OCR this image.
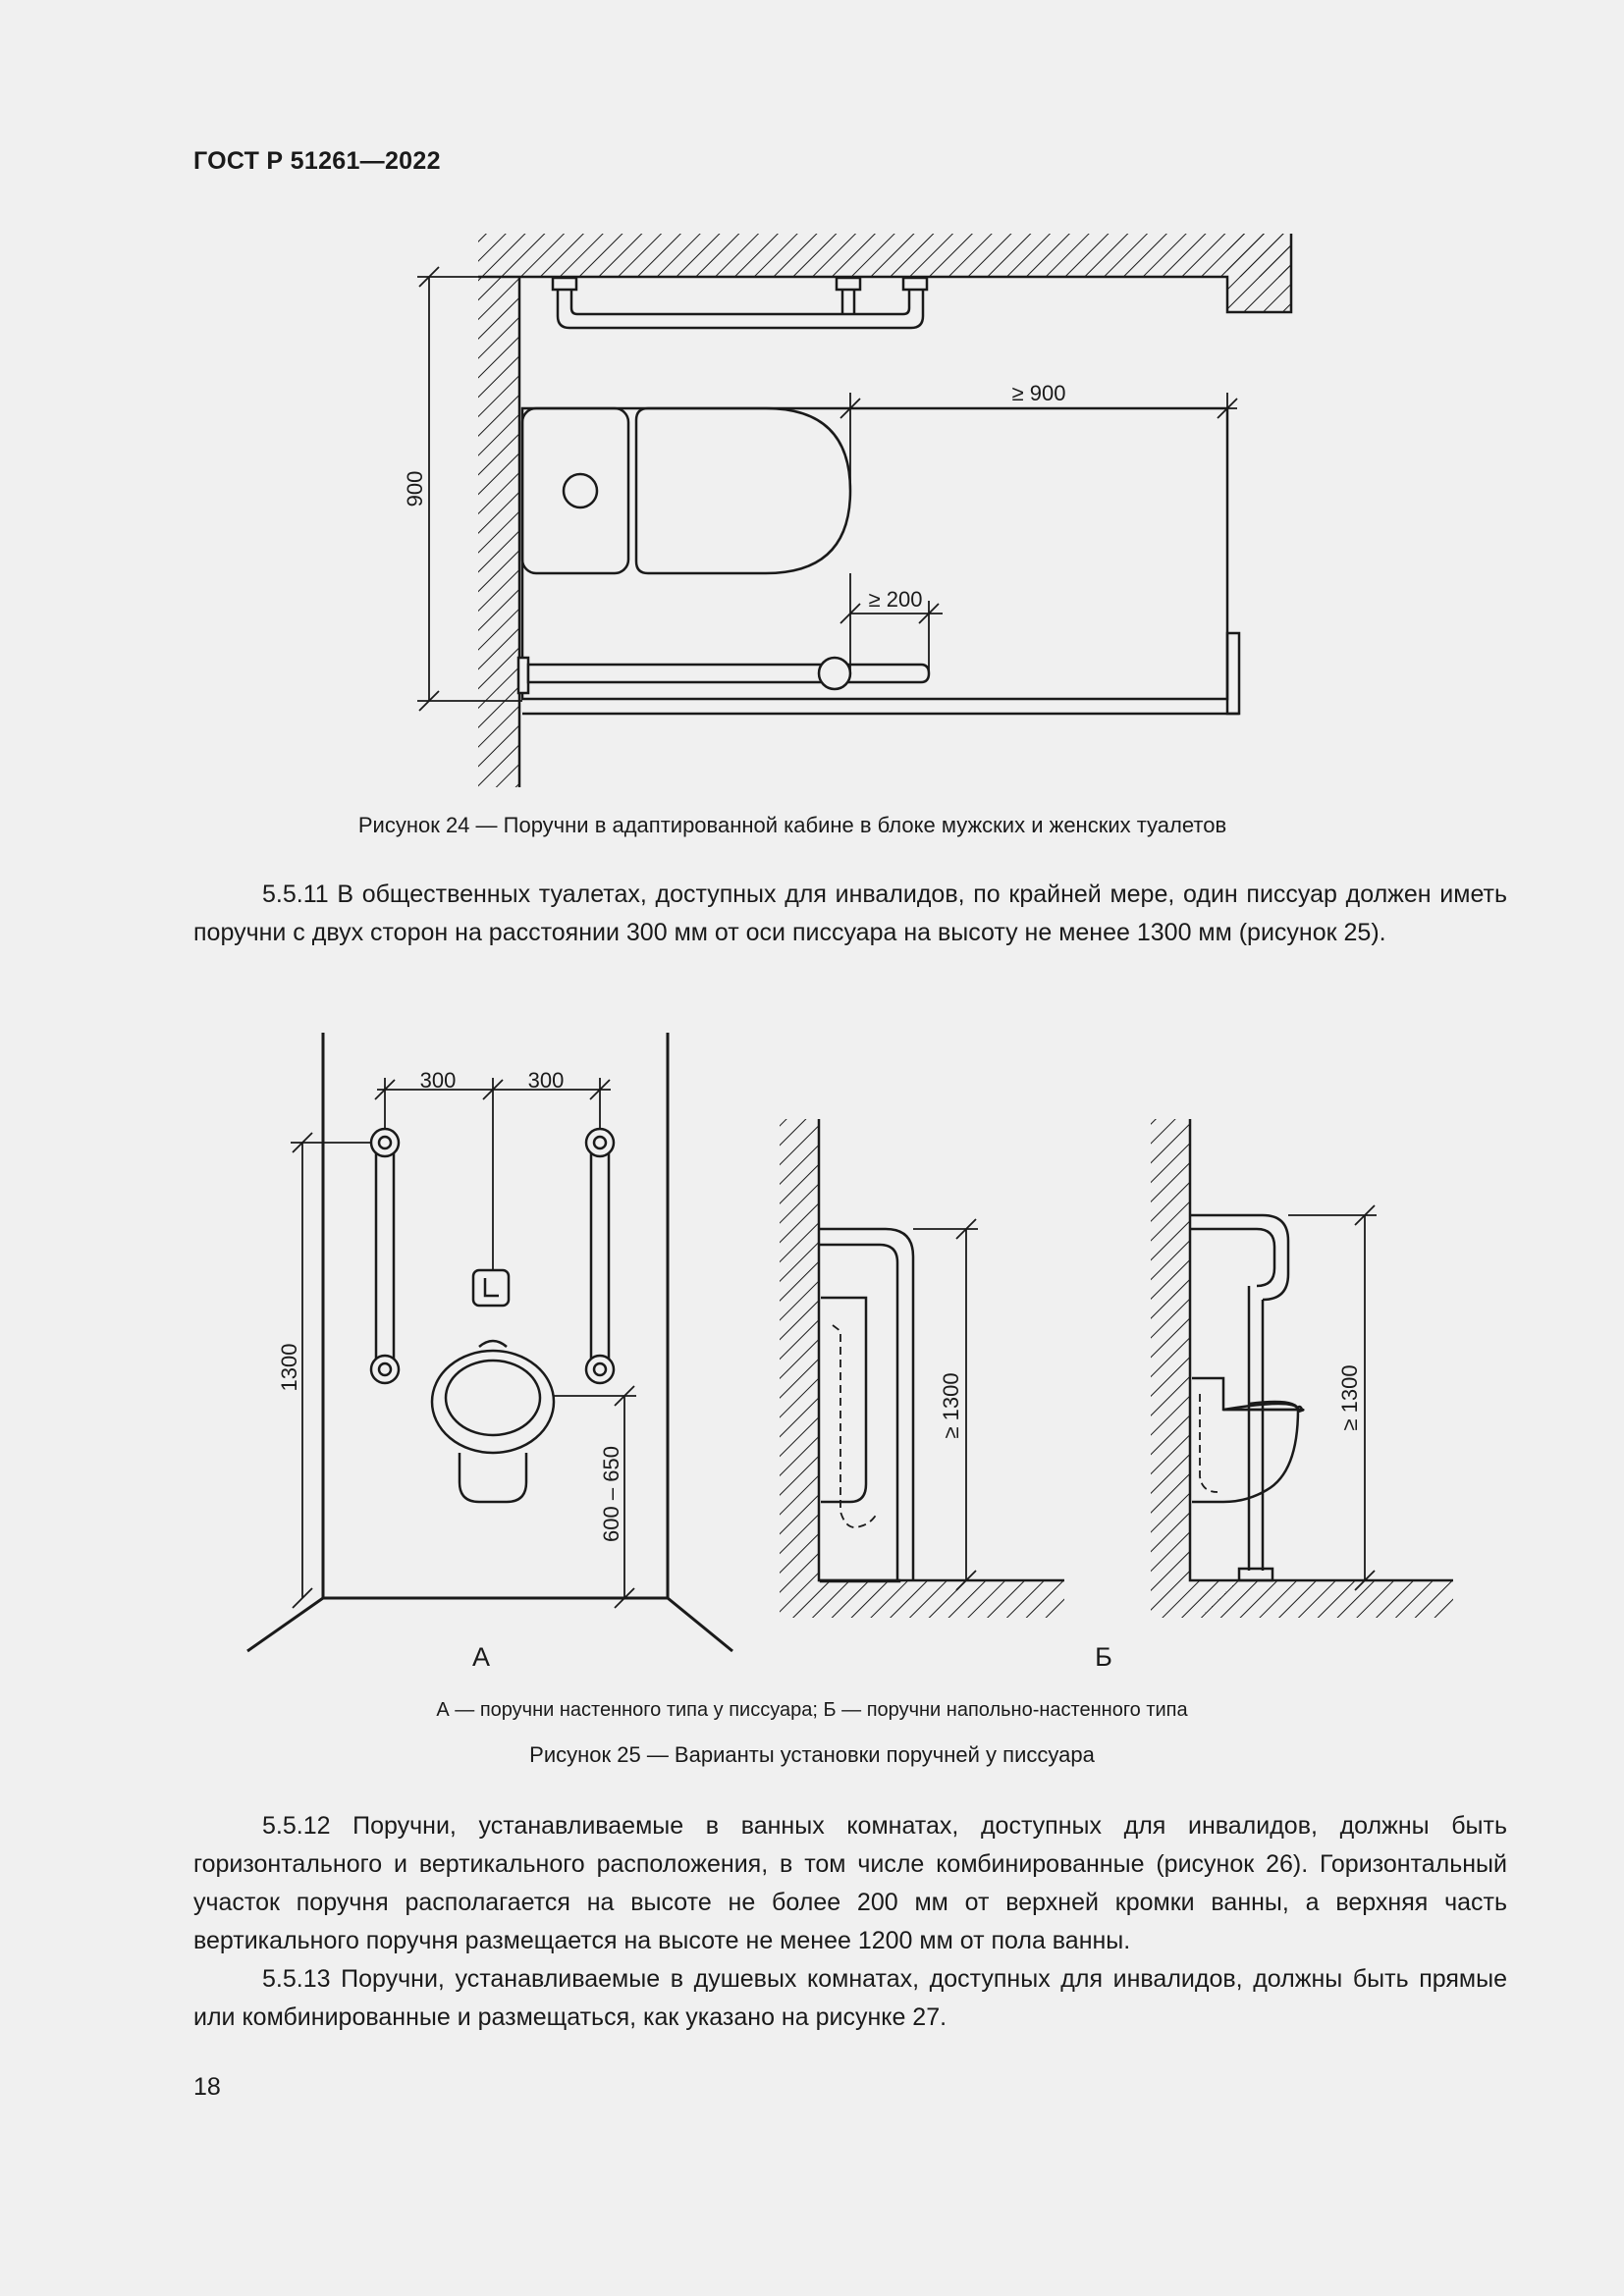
ГОСТ Р 51261—2022
900
≥ 900
≥ 200
Рисунок 24 — Поручни в адаптированной кабине в блоке мужских и женских туалетов

5.5.11 В общественных туалетах, доступных для инвалидов, по крайней мере, один писсуар должен иметь поручни с двух сторон на расстоянии 300 мм от оси писсуара на высоту не менее 1300 мм (рисунок 25).

300	300
1300
600 – 650
А
≥ 1300	≥ 1300
Б
А — поручни настенного типа у писсуара; Б — поручни напольно-настенного типа
Рисунок 25 — Варианты установки поручней у писсуара

5.5.12 Поручни, устанавливаемые в ванных комнатах, доступных для инвалидов, должны быть горизонтального и вертикального расположения, в том числе комбинированные (рисунок 26). Горизонтальный участок поручня располагается на высоте не более 200 мм от верхней кромки ванны, а верхняя часть вертикального поручня размещается на высоте не менее 1200 мм от пола ванны.

5.5.13 Поручни, устанавливаемые в душевых комнатах, доступных для инвалидов, должны быть прямые или комбинированные и размещаться, как указано на рисунке 27.

18
